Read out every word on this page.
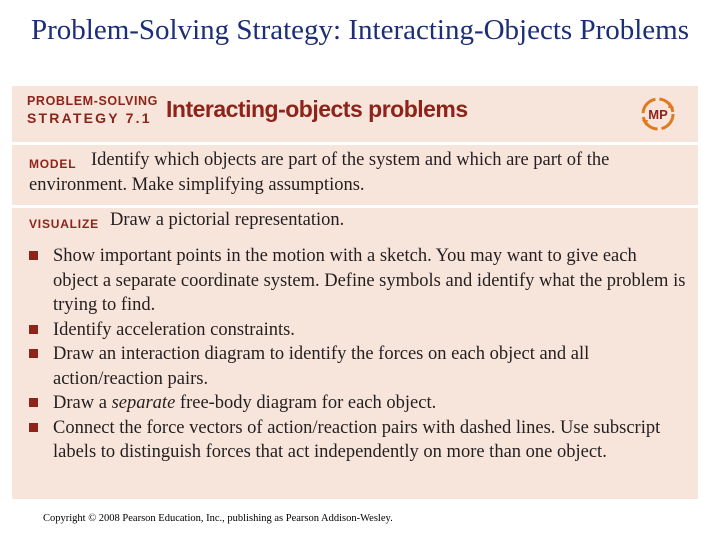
Problem-Solving Strategy: Interacting-Objects Problems
PROBLEM-SOLVING
STRATEGY 7.1 Interacting-objects problems	MP
MODEL Identify which objects are part of the system and which are part of the environment. Make simplifying assumptions.
VISUALIZE Draw a pictorial representation.
Show important points in the motion with a sketch. You may want to give each object a separate coordinate system. Define symbols and identify what the problem is trying to find.
Identify acceleration constraints.
Draw an interaction diagram to identify the forces on each object and all action/reaction pairs.
Draw a separate free-body diagram for each object.
Connect the force vectors of action/reaction pairs with dashed lines. Use subscript labels to distinguish forces that act independently on more than one object.
Copyright © 2008 Pearson Education, Inc., publishing as Pearson Addison-Wesley.
